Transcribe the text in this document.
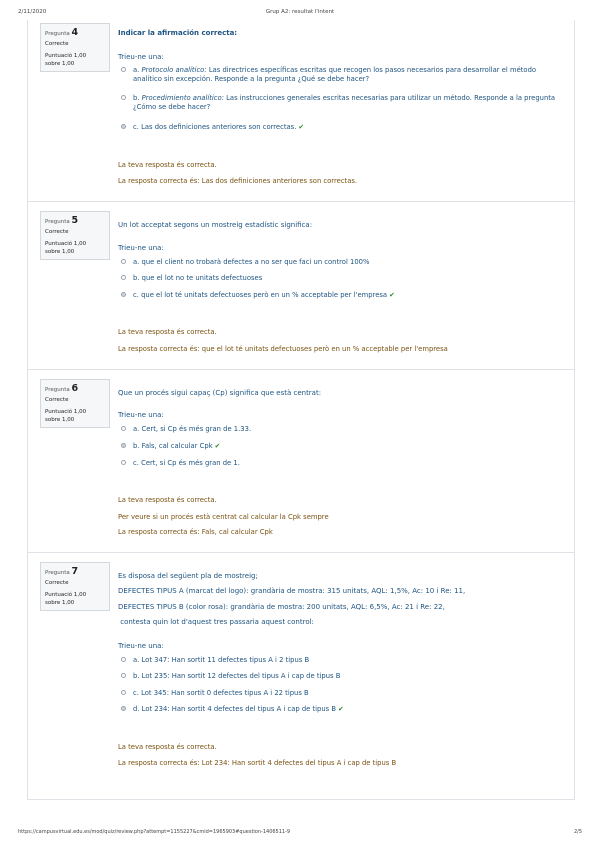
2/11/2020	Grup A2: resultat l'intent
Pregunta 4
Correcte
Puntuació 1,00
sobre 1,00
Indicar la afirmación correcta:
Trieu-ne una:
a. Protocolo analítico: Las directrices específicas escritas que recogen los pasos necesarios para desarrollar el método analítico sin excepción. Responde a la pregunta ¿Qué se debe hacer?
b. Procedimiento analítico: Las instrucciones generales escritas necesarias para utilizar un método. Responde a la pregunta ¿Cómo se debe hacer?
c. Las dos definiciones anteriores son correctas. ✔
La teva resposta és correcta.
La resposta correcta és: Las dos definiciones anteriores son correctas.
Pregunta 5
Correcte
Puntuació 1,00
sobre 1,00
Un lot acceptat segons un mostreig estadístic significa:
Trieu-ne una:
a. que el client no trobarà defectes a no ser que faci un control 100%
b. que el lot no te unitats defectuoses
c. que el lot té unitats defectuoses però en un % acceptable per l'empresa ✔
La teva resposta és correcta.
La resposta correcta és: que el lot té unitats defectuoses però en un % acceptable per l'empresa
Pregunta 6
Correcte
Puntuació 1,00
sobre 1,00
Que un procés sigui capaç (Cp) significa que està centrat:
Trieu-ne una:
a. Cert, si Cp és més gran de 1.33.
b. Fals, cal calcular Cpk ✔
c. Cert, si Cp és més gran de 1.
La teva resposta és correcta.
Per veure si un procés està centrat cal calcular la Cpk sempre
La resposta correcta és: Fals, cal calcular Cpk
Pregunta 7
Correcte
Puntuació 1,00
sobre 1,00
Es disposa del següent pla de mostreig;
DEFECTES TIPUS A (marcat del logo): grandària de mostra: 315 unitats, AQL: 1,5%, Ac: 10 i Re: 11,
DEFECTES TIPUS B (color rosa): grandària de mostra: 200 unitats, AQL: 6,5%, Ac: 21 i Re: 22,
contesta quin lot d'aquest tres passaria aquest control:
Trieu-ne una:
a. Lot 347: Han sortit 11 defectes tipus A i 2 tipus B
b. Lot 235: Han sortit 12 defectes del tipus A i cap de tipus B
c. Lot 345: Han sortit 0 defectes tipus A i 22 tipus B
d. Lot 234: Han sortit 4 defectes del tipus A i cap de tipus B ✔
La teva resposta és correcta.
La resposta correcta és: Lot 234: Han sortit 4 defectes del tipus A i cap de tipus B
https://campusvirtual.edu.es/mod/quiz/review.php?attempt=1155227&cmid=1965903#question-1406511-9	2/5
